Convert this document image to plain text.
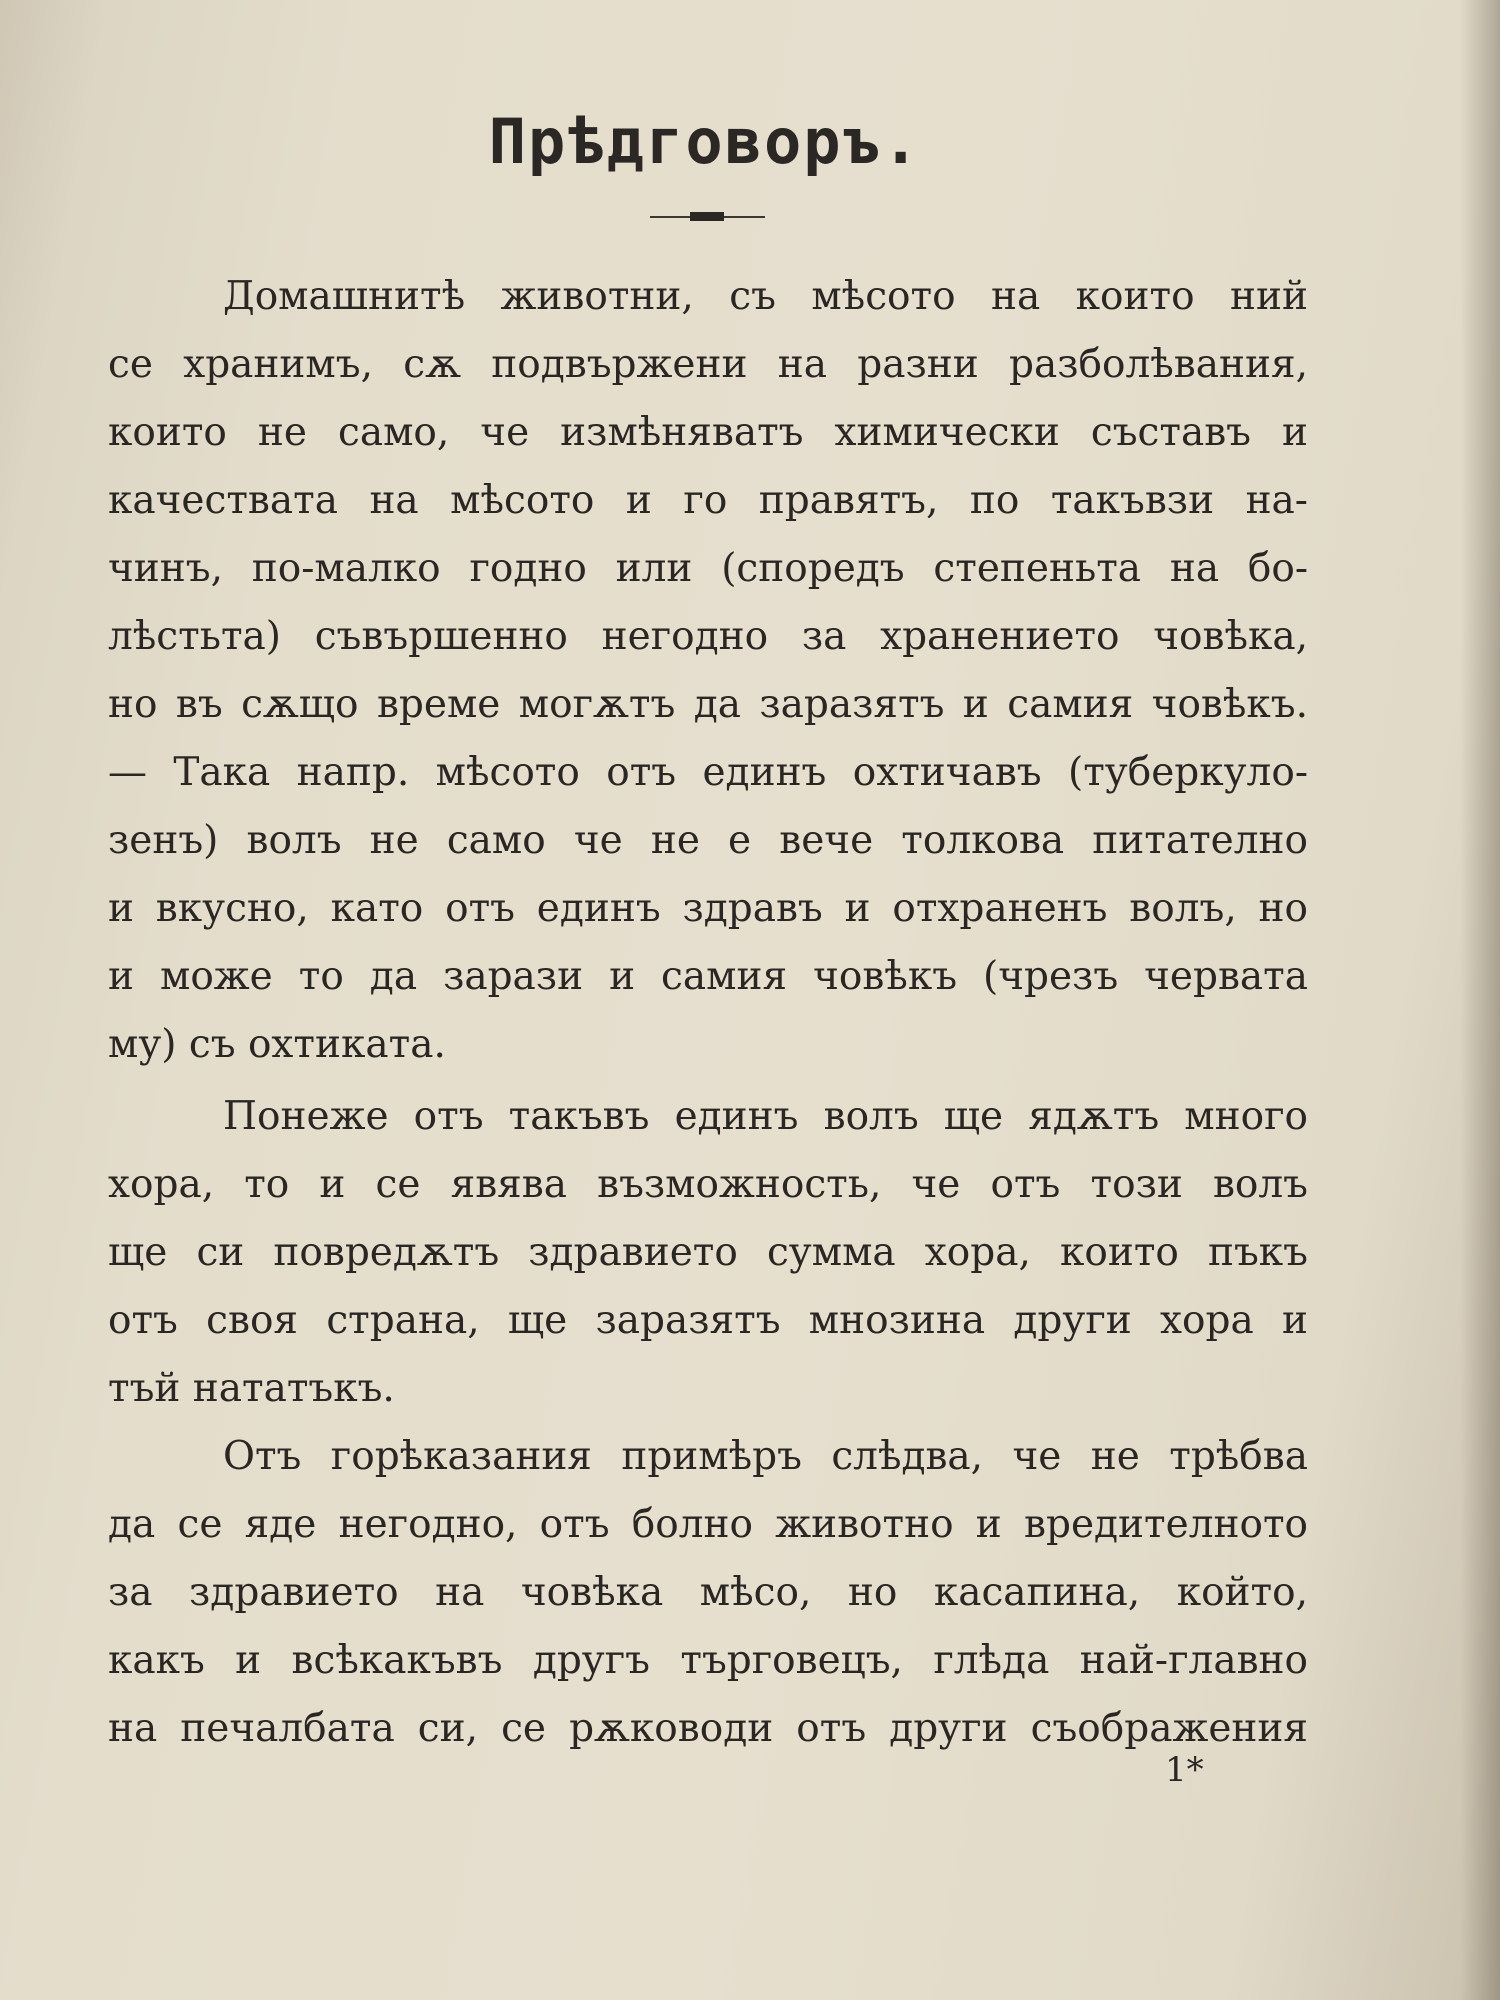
Прѣдговоръ.
Домашнитѣ животни, съ мѣсото на които ний
се хранимъ, сѫ подвържени на разни разболѣвания,
които не само, че измѣняватъ химически съставъ и
качествата на мѣсото и го правятъ, по такъвзи на-
чинъ, по-малко годно или (споредъ степеньта на бо-
лѣстьта) съвършенно негодно за хранението човѣка,
но въ сѫщо време могѫтъ да заразятъ и самия човѣкъ.
— Така напр. мѣсото отъ единъ охтичавъ (туберкуло-
зенъ) волъ не само че не е вече толкова питателно
и вкусно, като отъ единъ здравъ и отхраненъ волъ, но
и може то да зарази и самия човѣкъ (чрезъ червата
му) съ охтиката.
Понеже отъ такъвъ единъ волъ ще ядѫтъ много
хора, то и се явява възможность, че отъ този волъ
ще си повредѫтъ здравието сумма хора, които пъкъ
отъ своя страна, ще заразятъ мнозина други хора и
тъй нататъкъ.
Отъ горѣказания примѣръ слѣдва, че не трѣбва
да се яде негодно, отъ болно животно и вредителното
за здравието на човѣка мѣсо, но касапина, който,
какъ и всѣкакъвъ другъ търговецъ, глѣда най-главно
на печалбата си, се рѫководи отъ други съображения
1*
